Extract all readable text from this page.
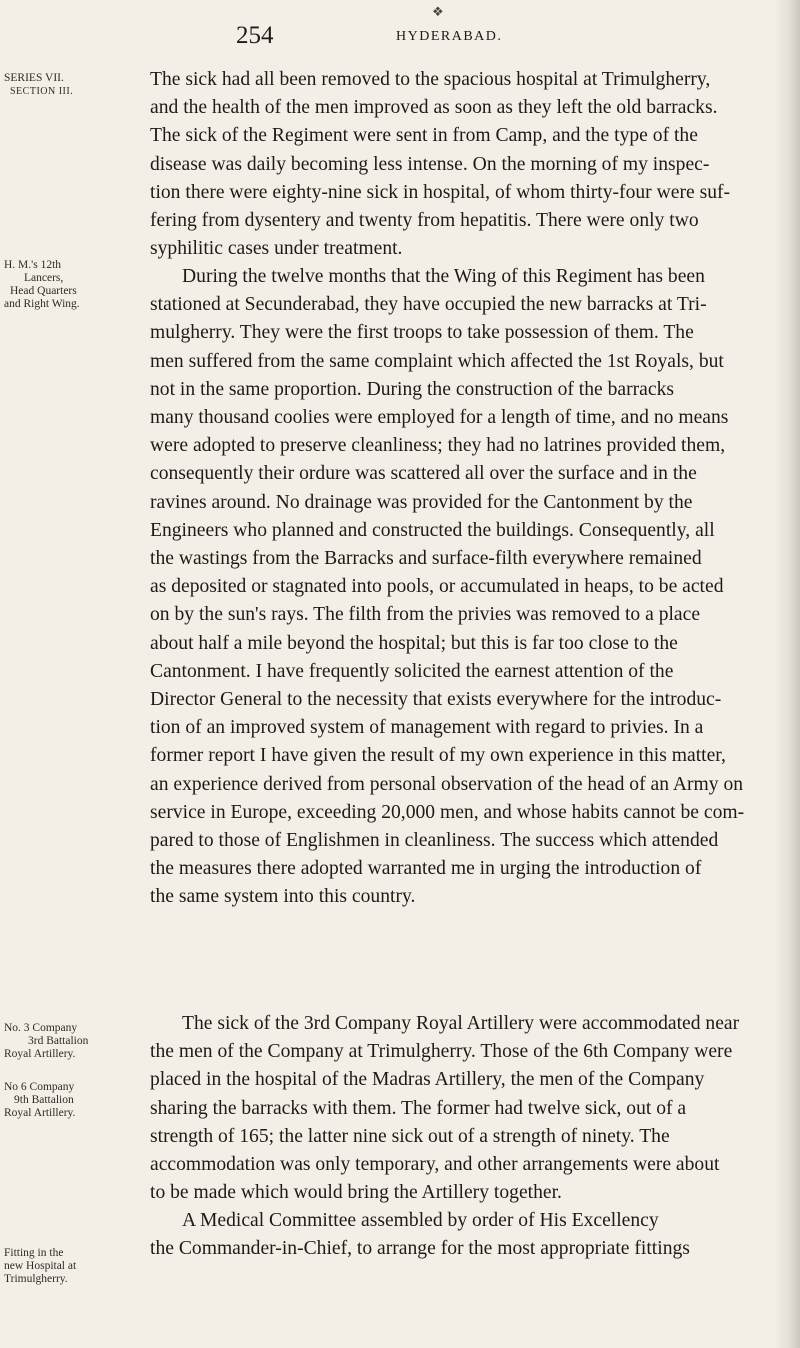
❖
254	HYDERABAD.
SERIES VII.
SECTION III.
H. M.'s 12th
Lancers,
Head Quarters
and Right Wing.
No. 3 Company
3rd Battalion
Royal Artillery.
No 6 Company
9th Battalion
Royal Artillery.
Fitting in the
new Hospital at
Trimulgherry.
The sick had all been removed to the spacious hospital at Trimulgherry,
and the health of the men improved as soon as they left the old barracks.
The sick of the Regiment were sent in from Camp, and the type of the
disease was daily becoming less intense. On the morning of my inspec-
tion there were eighty-nine sick in hospital, of whom thirty-four were suf-
fering from dysentery and twenty from hepatitis. There were only two
syphilitic cases under treatment.
During the twelve months that the Wing of this Regiment has been
stationed at Secunderabad, they have occupied the new barracks at Tri-
mulgherry. They were the first troops to take possession of them. The
men suffered from the same complaint which affected the 1st Royals, but
not in the same proportion. During the construction of the barracks
many thousand coolies were employed for a length of time, and no means
were adopted to preserve cleanliness; they had no latrines provided them,
consequently their ordure was scattered all over the surface and in the
ravines around. No drainage was provided for the Cantonment by the
Engineers who planned and constructed the buildings. Consequently, all
the wastings from the Barracks and surface-filth everywhere remained
as deposited or stagnated into pools, or accumulated in heaps, to be acted
on by the sun's rays. The filth from the privies was removed to a place
about half a mile beyond the hospital; but this is far too close to the
Cantonment. I have frequently solicited the earnest attention of the
Director General to the necessity that exists everywhere for the introduc-
tion of an improved system of management with regard to privies. In a
former report I have given the result of my own experience in this matter,
an experience derived from personal observation of the head of an Army on
service in Europe, exceeding 20,000 men, and whose habits cannot be com-
pared to those of Englishmen in cleanliness. The success which attended
the measures there adopted warranted me in urging the introduction of
the same system into this country.
The sick of the 3rd Company Royal Artillery were accommodated near
the men of the Company at Trimulgherry. Those of the 6th Company were
placed in the hospital of the Madras Artillery, the men of the Company
sharing the barracks with them. The former had twelve sick, out of a
strength of 165; the latter nine sick out of a strength of ninety. The
accommodation was only temporary, and other arrangements were about
to be made which would bring the Artillery together.
A Medical Committee assembled by order of His Excellency
the Commander-in-Chief, to arrange for the most appropriate fittings
